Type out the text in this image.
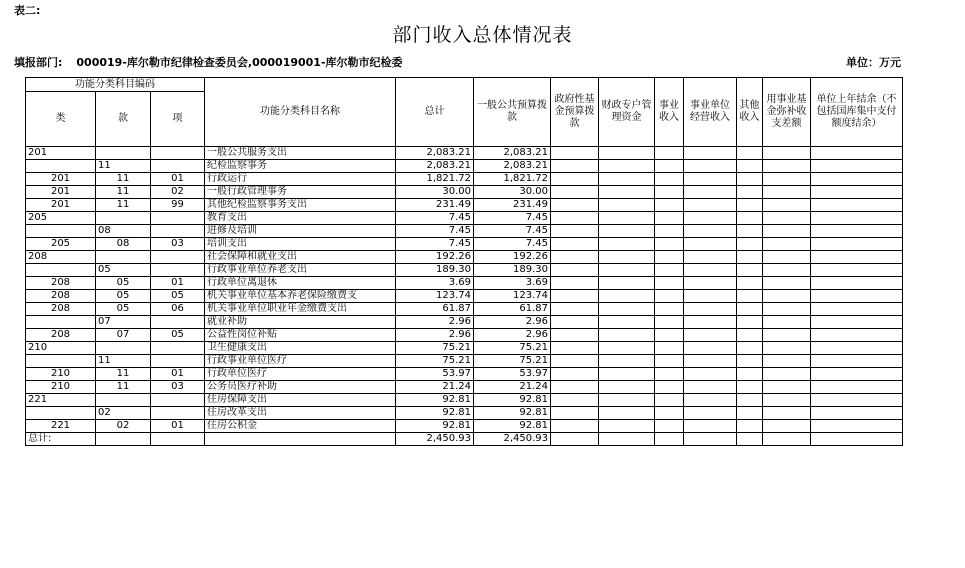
表二:
部门收入总体情况表
填报部门: 000019-库尔勒市纪律检查委员会,000019001-库尔勒市纪检委	单位：万元
功能分类科目编码			功能分类科目名称	总计	一般公共预算拨款	政府性基金预算拨款	财政专户管理资金	事业收入	事业单位经营收入	其他收入	用事业基金弥补收支差额	单位上年结余（不包括国库集中支付额度结余）
类	款	项										
201			一般公共服务支出	2,083.21	2,083.21							
	11		纪检监察事务	2,083.21	2,083.21							
201	11	01	行政运行	1,821.72	1,821.72							
201	11	02	一般行政管理事务	30.00	30.00							
201	11	99	其他纪检监察事务支出	231.49	231.49							
205			教育支出	7.45	7.45							
	08		进修及培训	7.45	7.45							
205	08	03	培训支出	7.45	7.45							
208			社会保障和就业支出	192.26	192.26							
	05		行政事业单位养老支出	189.30	189.30							
208	05	01	行政单位离退休	3.69	3.69							
208	05	05	机关事业单位基本养老保险缴费支	123.74	123.74							
208	05	06	机关事业单位职业年金缴费支出	61.87	61.87							
	07		就业补助	2.96	2.96							
208	07	05	公益性岗位补贴	2.96	2.96							
210			卫生健康支出	75.21	75.21							
	11		行政事业单位医疗	75.21	75.21							
210	11	01	行政单位医疗	53.97	53.97							
210	11	03	公务员医疗补助	21.24	21.24							
221			住房保障支出	92.81	92.81							
	02		住房改革支出	92.81	92.81							
221	02	01	住房公积金	92.81	92.81							
总计:				2,450.93	2,450.93							
